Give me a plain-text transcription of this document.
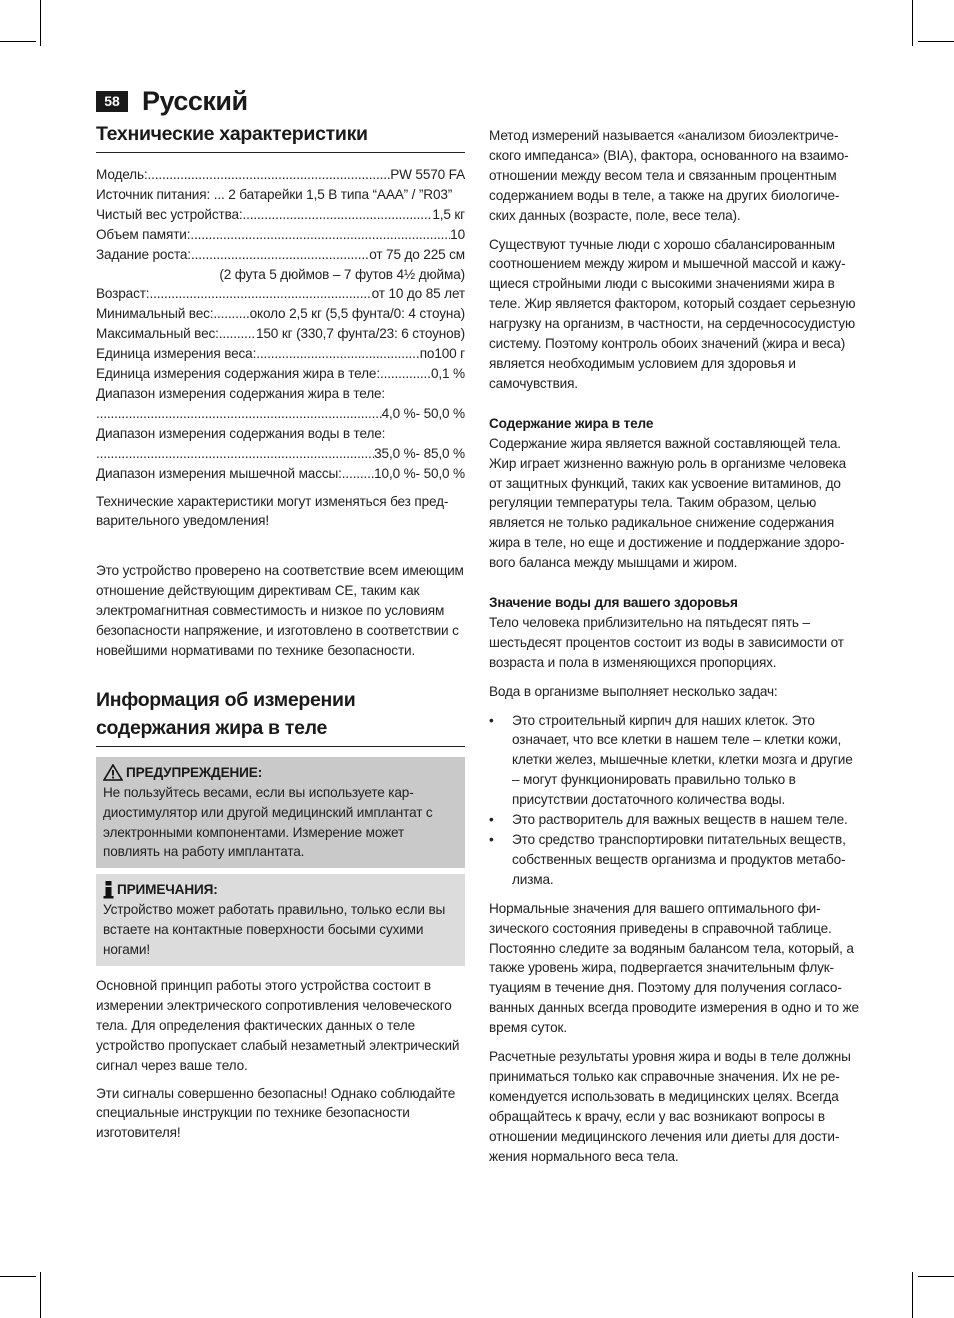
58 Русский
Технические характеристики
Модель: .....	PW 5570 FA
Источник питания: ... 2 батарейки 1,5 В типа “AAA” / ”R03”
Чистый вес устройства: .....	1,5 кг
Объем памяти: .....	10
Задание роста: .....	от 75 до 225 см
(2 фута 5 дюймов – 7 футов 4½ дюйма)
Возраст: .....	от 10 до 85 лет
Минимальный вес: .....	около 2,5 кг (5,5 фунта/0: 4 стоуна)
Максимальный вес: .....	150 кг (330,7 фунта/23: 6 стоунов)
Единица измерения веса: .....	по100 г
Единица измерения содержания жира в теле: .....	0,1 %
Диапазон измерения содержания жира в теле:
.....
4,0 %- 50,0 %
Диапазон измерения содержания воды в теле:
.....
35,0 %- 85,0 %
Диапазон измерения мышечной массы: ..... 10,0 %- 50,0 %

Технические характеристики могут изменяться без предварительного уведомления!

Это устройство проверено на соответствие всем имеющим отношение действующим директивам CE, таким как электромагнитная совместимость и низкое по условиям безопасности напряжение, и изготовлено в соответствии с новейшими нормативами по технике безопасности.

Информация об измерении
содержания жира в теле
ПРЕДУПРЕЖДЕНИЕ:

Не пользуйтесь весами, если вы используете кардиостимулятор или другой медицинский имплантат с электронными компонентами. Измерение может повлиять на работу имплантата.

ПРИМЕЧАНИЯ:

Устройство может работать правильно, только если вы встаете на контактные поверхности босыми сухими ногами!

Основной принцип работы этого устройства состоит в измерении электрического сопротивления человеческого тела. Для определения фактических данных о теле устройство пропускает слабый незаметный электрический сигнал через ваше тело.

Эти сигналы совершенно безопасны! Однако соблюдайте специальные инструкции по технике безопасности изготовителя!

Метод измерений называется «анализом биоэлектрического импеданса» (BIA), фактора, основанного на взаимоотношении между весом тела и связанным процентным содержанием воды в теле, а также на других биологических данных (возрасте, поле, весе тела).

Существуют тучные люди с хорошо сбалансированным соотношением между жиром и мышечной массой и кажущиеся стройными люди с высокими значениями жира в теле. Жир является фактором, который создает серьезную нагрузку на организм, в частности, на сердечнососудистую систему. Поэтому контроль обоих значений (жира и веса) является необходимым условием для здоровья и самочувствия.

Содержание жира в теле

Содержание жира является важной составляющей тела. Жир играет жизненно важную роль в организме человека от защитных функций, таких как усвоение витаминов, до регуляции температуры тела. Таким образом, целью является не только радикальное снижение содержания жира в теле, но еще и достижение и поддержание здорового баланса между мышцами и жиром.

Значение воды для вашего здоровья

Тело человека приблизительно на пятьдесят пять – шестьдесят процентов состоит из воды в зависимости от возраста и пола в изменяющихся пропорциях.

Вода в организме выполняет несколько задач:

• Это строительный кирпич для наших клеток. Это означает, что все клетки в нашем теле – клетки кожи, клетки желез, мышечные клетки, клетки мозга и другие – могут функционировать правильно только в присутствии достаточного количества воды.
• Это растворитель для важных веществ в нашем теле.
• Это средство транспортировки питательных веществ, собственных веществ организма и продуктов метаболизма.

Нормальные значения для вашего оптимального физического состояния приведены в справочной таблице. Постоянно следите за водяным балансом тела, который, а также уровень жира, подвергается значительным флуктуациям в течение дня. Поэтому для получения согласованных данных всегда проводите измерения в одно и то же время суток.

Расчетные результаты уровня жира и воды в теле должны приниматься только как справочные значения. Их не рекомендуется использовать в медицинских целях. Всегда обращайтесь к врачу, если у вас возникают вопросы в отношении медицинского лечения или диеты для достижения нормального веса тела.
